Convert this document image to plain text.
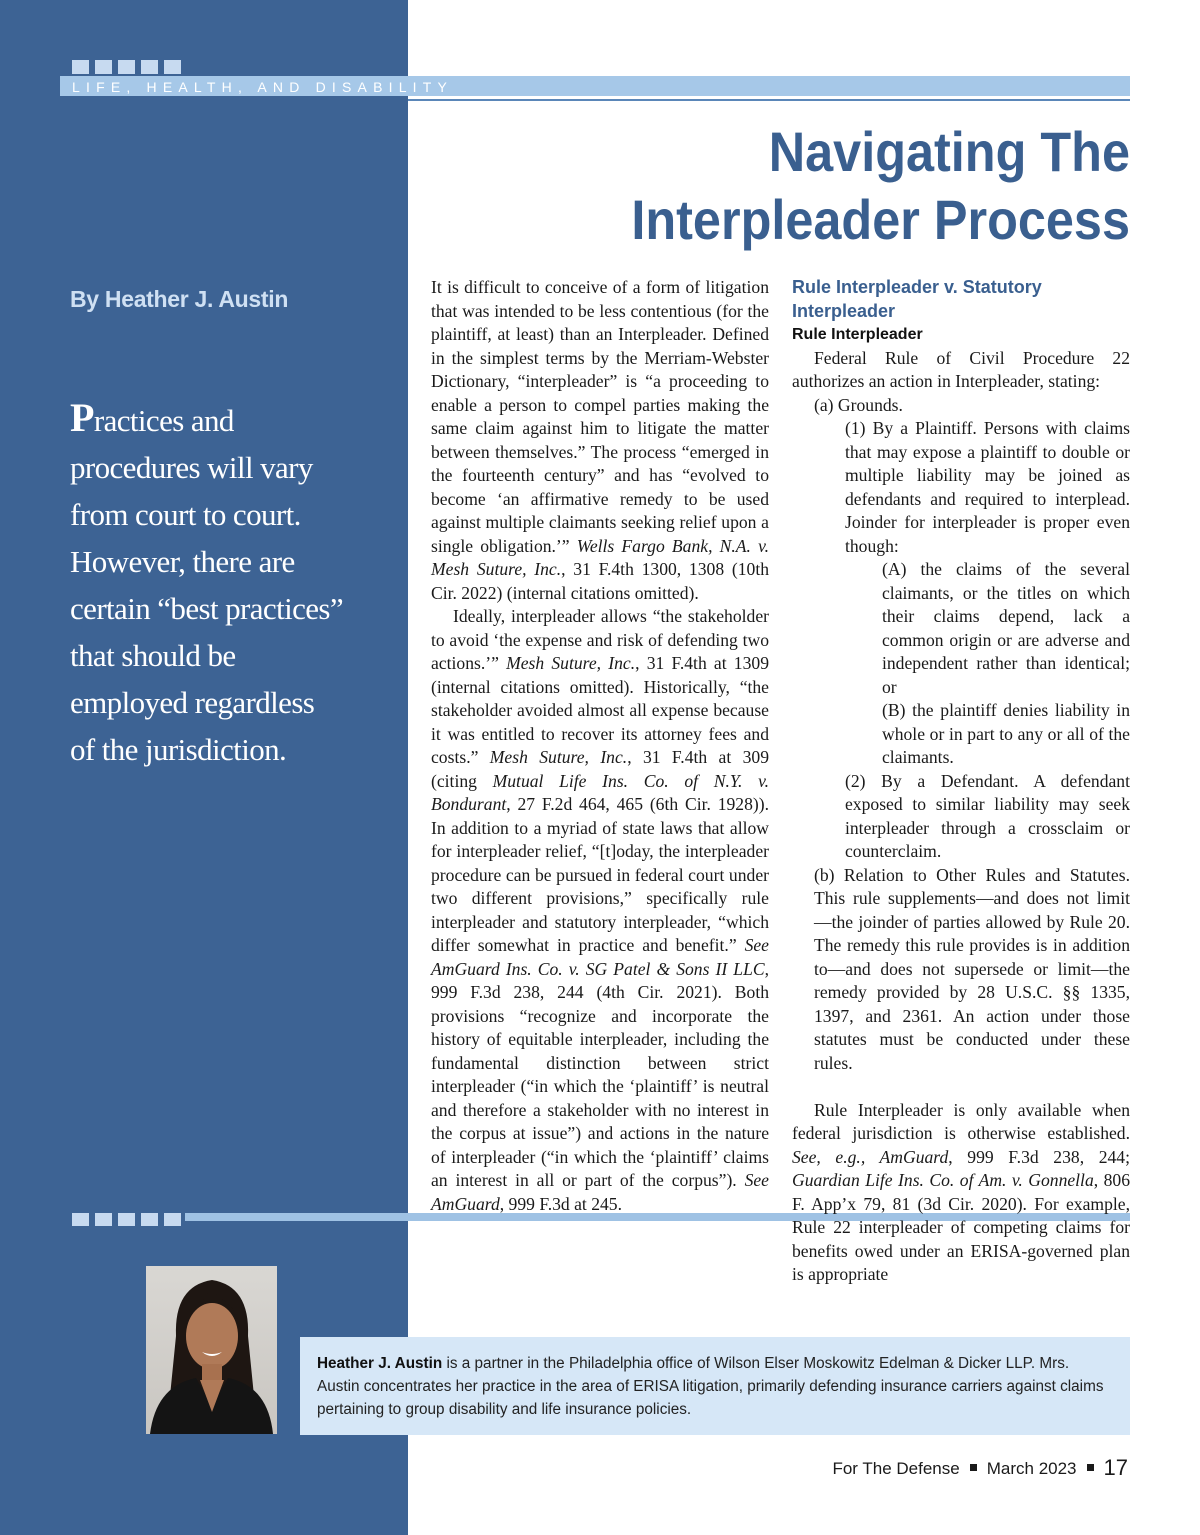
LIFE, HEALTH, AND DISABILITY
Navigating The
Interpleader Process
By Heather J. Austin
Practices and
procedures will vary
from court to court.
However, there are
certain “best practices”
that should be
employed regardless
of the jurisdiction.

It is difficult to conceive of a form of litigation that was intended to be less contentious (for the plaintiff, at least) than an Interpleader. Defined in the simplest terms by the Merriam-Webster Dictionary, “interpleader” is “a proceeding to enable a person to compel parties making the same claim against him to litigate the matter between themselves.” The process “emerged in the fourteenth century” and has “evolved to become ‘an affirmative remedy to be used against multiple claimants seeking relief upon a single obligation.’” Wells Fargo Bank, N.A. v. Mesh Suture, Inc., 31 F.4th 1300, 1308 (10th Cir. 2022) (internal citations omitted).

Ideally, interpleader allows “the stakeholder to avoid ‘the expense and risk of defending two actions.’” Mesh Suture, Inc., 31 F.4th at 1309 (internal citations omitted). Historically, “the stakeholder avoided almost all expense because it was entitled to recover its attorney fees and costs.” Mesh Suture, Inc., 31 F.4th at 309 (citing Mutual Life Ins. Co. of N.Y. v. Bondurant, 27 F.2d 464, 465 (6th Cir. 1928)). In addition to a myriad of state laws that allow for interpleader relief, “[t]oday, the interpleader procedure can be pursued in federal court under two different provisions,” specifically rule interpleader and statutory interpleader, “which differ somewhat in practice and benefit.” See AmGuard Ins. Co. v. SG Patel & Sons II LLC, 999 F.3d 238, 244 (4th Cir. 2021). Both provisions “recognize and incorporate the history of equitable interpleader, including the fundamental distinction between strict interpleader (“in which the ‘plaintiff’ is neutral and therefore a stakeholder with no interest in the corpus at issue”) and actions in the nature of interpleader (“in which the ‘plaintiff’ claims an interest in all or part of the corpus”). See AmGuard, 999 F.3d at 245.

Rule Interpleader v. Statutory Interpleader
Rule Interpleader

Federal Rule of Civil Procedure 22 authorizes an action in Interpleader, stating:

(a) Grounds.

(1) By a Plaintiff. Persons with claims that may expose a plaintiff to double or multiple liability may be joined as defendants and required to interplead. Joinder for interpleader is proper even though:

(A) the claims of the several claimants, or the titles on which their claims depend, lack a common origin or are adverse and independent rather than identical; or

(B) the plaintiff denies liability in whole or in part to any or all of the claimants.

(2) By a Defendant. A defendant exposed to similar liability may seek interpleader through a crossclaim or counterclaim.

(b) Relation to Other Rules and Statutes. This rule supplements—and does not limit—the joinder of parties allowed by Rule 20. The remedy this rule provides is in addition to—and does not supersede or limit—the remedy provided by 28 U.S.C. §§ 1335, 1397, and 2361. An action under those statutes must be conducted under these rules.

Rule Interpleader is only available when federal jurisdiction is otherwise established. See, e.g., AmGuard, 999 F.3d 238, 244; Guardian Life Ins. Co. of Am. v. Gonnella, 806 F. App’x 79, 81 (3d Cir. 2020). For example, Rule 22 interpleader of competing claims for benefits owed under an ERISA-governed plan is appropriate

Heather J. Austin is a partner in the Philadelphia office of Wilson Elser Moskowitz Edelman & Dicker LLP. Mrs. Austin concentrates her practice in the area of ERISA litigation, primarily defending insurance carriers against claims pertaining to group disability and life insurance policies.
For The Defense March 2023 17
